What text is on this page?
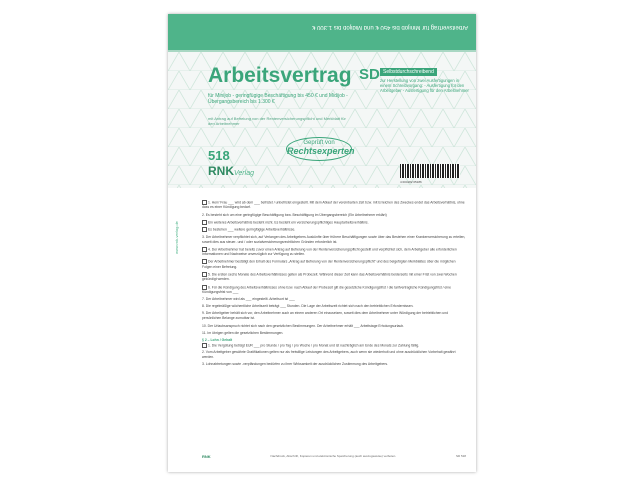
Arbeitsvertrag für Minijob bis 450 € und Midijob bis 1.300 €
Arbeitsvertrag
für Minijob - geringfügige Beschäftigung bis 450 € und Midijob - Übergangsbereich bis 1.300 €
mit Antrag auf Befreiung von der Rentenversicherungspflicht und Merkblatt für den Arbeitnehmer
SD Selbstdurchschreibend
zur Herstellung von zwei Ausfertigungen in einem Schreibvorgang: - Ausfertigung für den Arbeitgeber - Ausfertigung für den Arbeitnehmer
518
RNK Verlag
Geprüft von
Rechtsexperten
4 004182 05186
www.rnk-verlag.de
1. Herr/ Frau ___ wird ab dem ___ befristet / unbefristet eingestellt. Mit dem Ablauf der vereinbarten Zeit bzw. mit Erreichen des Zweckes endet das Arbeitsverhältnis, ohne dass es einer Kündigung bedarf.
2. Es besteht sich um eine geringfügige Beschäftigung bzw. Beschäftigung im Übergangsbereich (Ein Arbeitnehmer erklärt)
Ein weiteres Arbeitsverhältnis besteht nicht. Es besteht ein versicherungspflichtiges Hauptarbeitsverhältnis.
Es bestehen ___ weitere geringfügige Arbeitsverhältnisse.
3. Der Arbeitnehmer verpflichtet sich, auf Verlangen des Arbeitgebers Auskünfte über frühere Beschäftigungen sowie über das Bestehen einer Krankenversicherung zu erteilen, soweit dies aus steuer- und / oder sozialversicherungsrechtlichen Gründen erforderlich ist.
4. Der Arbeitnehmer hat bereits zuvor einen Antrag auf Befreiung von der Rentenversicherungspflicht gestellt und verpflichtet sich, dem Arbeitgeber alle erforderlichen Informationen und Nachweise unverzüglich zur Verfügung zu stellen.
Der Arbeitnehmer bestätigt den Erhalt des Formulars „Antrag auf Befreiung von der Rentenversicherungspflicht“ und des beigefügten Merkblattes über die möglichen Folgen einer Befreiung.
5. Die ersten sechs Monate des Arbeitsverhältnisses gelten als Probezeit. Während dieser Zeit kann das Arbeitsverhältnis beiderseits mit einer Frist von zwei Wochen gekündigt werden.
6. Für die Kündigung des Arbeitsverhältnisses ohne bzw. nach Ablauf der Probezeit gilt die gesetzliche Kündigungsfrist / die tarifvertragliche Kündigungsfrist / eine Kündigungsfrist von ___
7. Der Arbeitnehmer wird als ___ eingestellt. Arbeitsort ist ___
8. Die regelmäßige wöchentliche Arbeitszeit beträgt ___ Stunden. Die Lage der Arbeitszeit richtet sich nach den betrieblichen Erfordernissen.
9. Der Arbeitgeber behält sich vor, den Arbeitnehmer auch an einem anderen Ort einzusetzen, soweit dies dem Arbeitnehmer unter Würdigung der betrieblichen und persönlichen Belange zumutbar ist.
10. Der Urlaubsanspruch richtet sich nach den gesetzlichen Bestimmungen. Der Arbeitnehmer erhält ___ Arbeitstage Erholungsurlaub.
11. Im übrigen gelten die gesetzlichen Bestimmungen.
§ 2 – Lohn / Gehalt
1. Die Vergütung beträgt EUR ___ pro Stunde / pro Tag / pro Woche / pro Monat und ist nachträglich am Ende des Monats zur Zahlung fällig.
2. Vom Arbeitgeber gewährte Gratifikationen gelten nur als freiwillige Leistungen des Arbeitgebers, auch wenn sie wiederholt und ohne ausdrücklichen Vorbehalt gewährt werden.
3. Lohnabtretungen sowie -verpfändungen bedürfen zu ihrer Wirksamkeit der ausdrücklichen Zustimmung des Arbeitgebers.
RNK	Nachdruck, Abschrift, Kopieren und elektronische Speicherung (auch auszugsweise) verboten.	SD 518
